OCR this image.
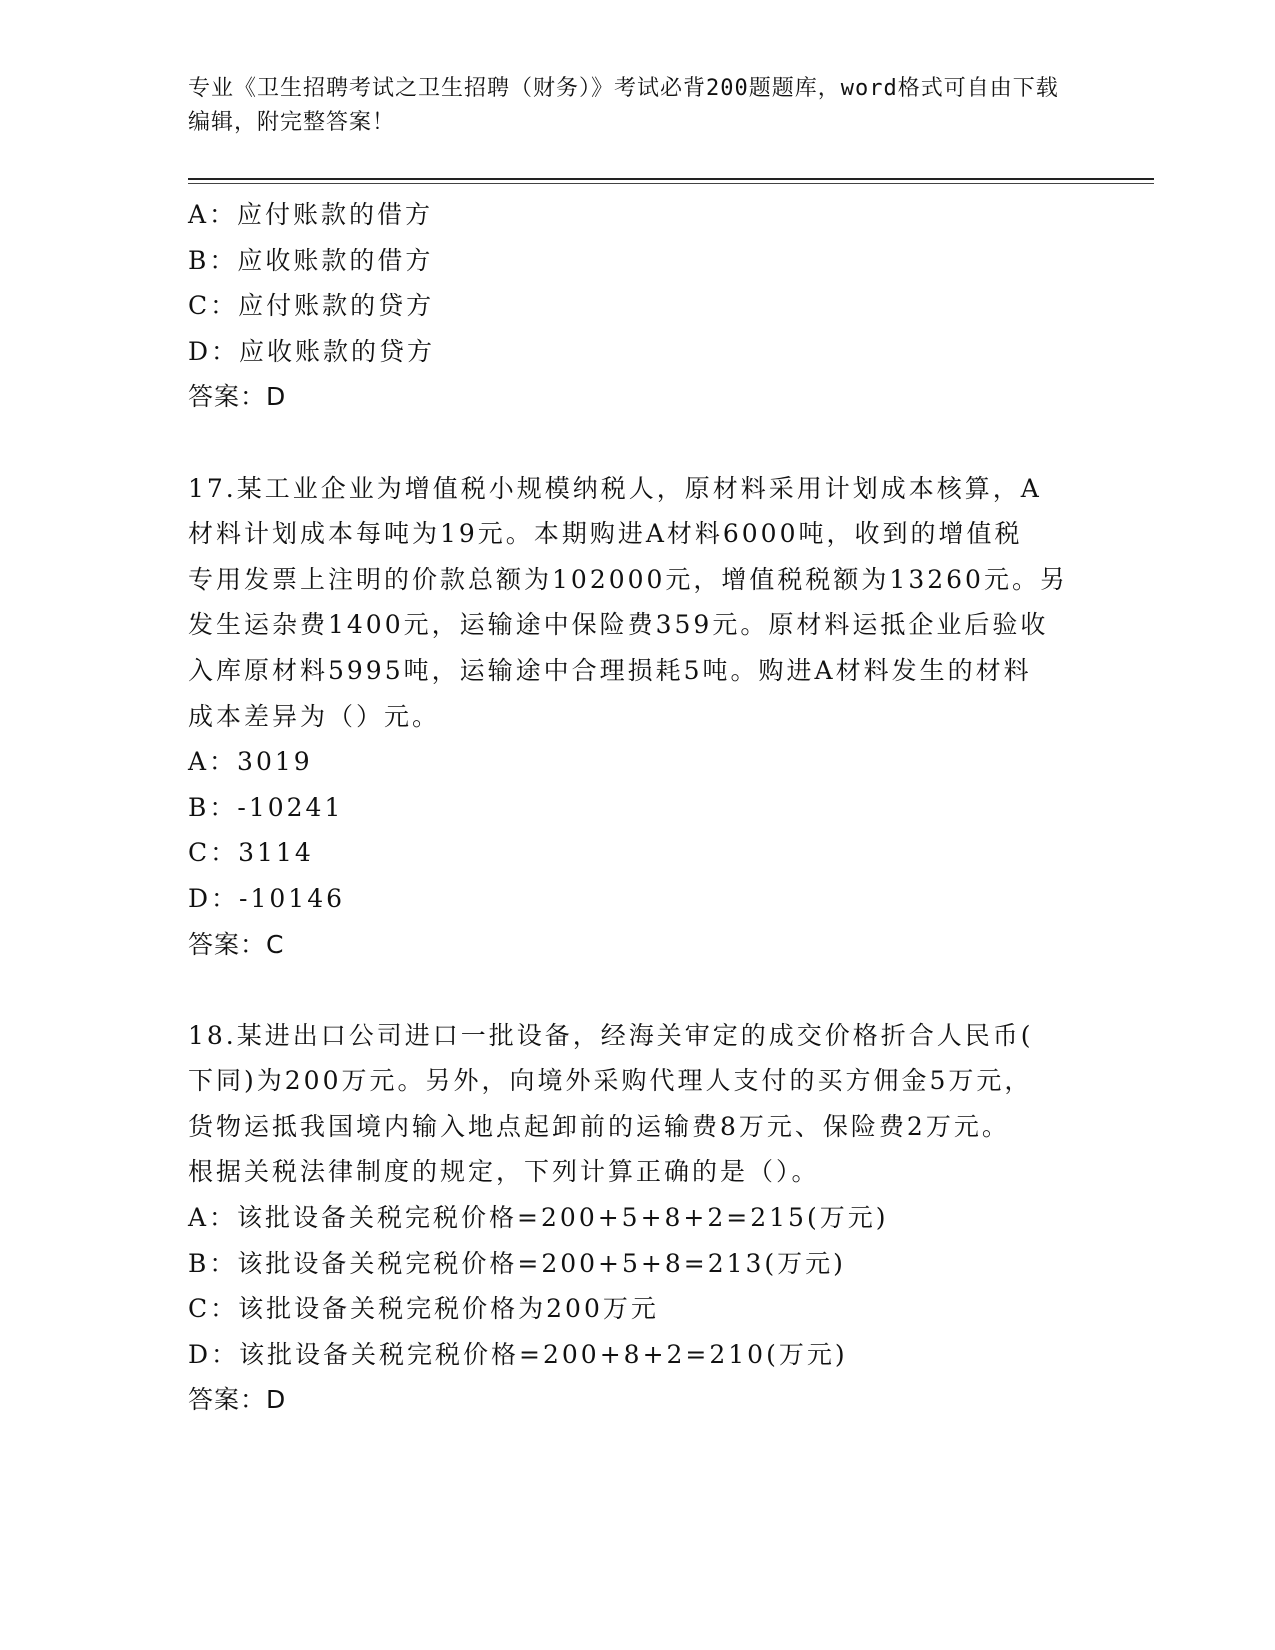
专业《卫生招聘考试之卫生招聘（财务）》考试必背200题题库，word格式可自由下载编辑，附完整答案！
A：应付账款的借方
B：应收账款的借方
C：应付账款的贷方
D：应收账款的贷方
答案：D
17.某工业企业为增值税小规模纳税人，原材料采用计划成本核算，A
材料计划成本每吨为19元。本期购进A材料6000吨，收到的增值税
专用发票上注明的价款总额为102000元，增值税税额为13260元。另
发生运杂费1400元，运输途中保险费359元。原材料运抵企业后验收
入库原材料5995吨，运输途中合理损耗5吨。购进A材料发生的材料
成本差异为（）元。
A：3019
B：-10241
C：3114
D：-10146
答案：C
18.某进出口公司进口一批设备，经海关审定的成交价格折合人民币(
下同)为200万元。另外，向境外采购代理人支付的买方佣金5万元，
货物运抵我国境内输入地点起卸前的运输费8万元、保险费2万元。
根据关税法律制度的规定，下列计算正确的是（）。
A：该批设备关税完税价格=200+5+8+2=215(万元)
B：该批设备关税完税价格=200+5+8=213(万元)
C：该批设备关税完税价格为200万元
D：该批设备关税完税价格=200+8+2=210(万元)
答案：D
